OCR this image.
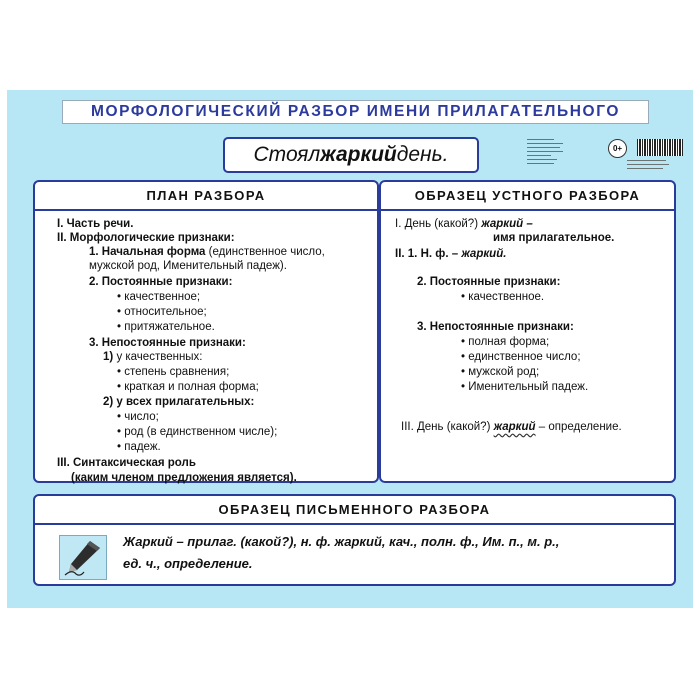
МОРФОЛОГИЧЕСКИЙ РАЗБОР ИМЕНИ ПРИЛАГАТЕЛЬНОГО
Стоял жаркий день.
▬▬▬▬▬▬▬▬▬
▬▬▬▬▬▬▬▬▬▬▬▬
▬▬▬▬▬▬▬▬▬▬▬
▬▬▬▬▬▬▬▬▬▬▬▬
▬▬▬▬▬▬▬▬
▬▬▬▬▬▬▬▬▬▬
▬▬▬▬▬▬▬▬▬
0+
▬▬▬▬▬▬▬▬▬▬▬▬▬
▬▬▬▬▬▬▬▬▬▬▬▬▬▬
▬▬▬▬▬▬▬▬▬▬▬▬
ПЛАН РАЗБОРА
I. Часть речи.
II. Морфологические признаки:
1. Начальная форма (единственное число,
мужской род, Именительный падеж).
2. Постоянные признаки:
• качественное;
• относительное;
• притяжательное.
3. Непостоянные признаки:
1) у качественных:
• степень сравнения;
• краткая и полная форма;
2) у всех прилагательных:
• число;
• род (в единственном числе);
• падеж.
III. Синтаксическая роль
(каким членом предложения является).
ОБРАЗЕЦ УСТНОГО РАЗБОРА
I. День (какой?) жаркий –
имя прилагательное.
II. 1. Н. ф. – жаркий.
2. Постоянные признаки:
• качественное.
3. Непостоянные признаки:
• полная форма;
• единственное число;
• мужской род;
• Именительный падеж.
III. День (какой?) жаркий – определение.
ОБРАЗЕЦ ПИСЬМЕННОГО РАЗБОРА
Жаркий – прилаг. (какой?), н. ф. жаркий, кач., полн. ф., Им. п., м. р.,
ед. ч., определение.
